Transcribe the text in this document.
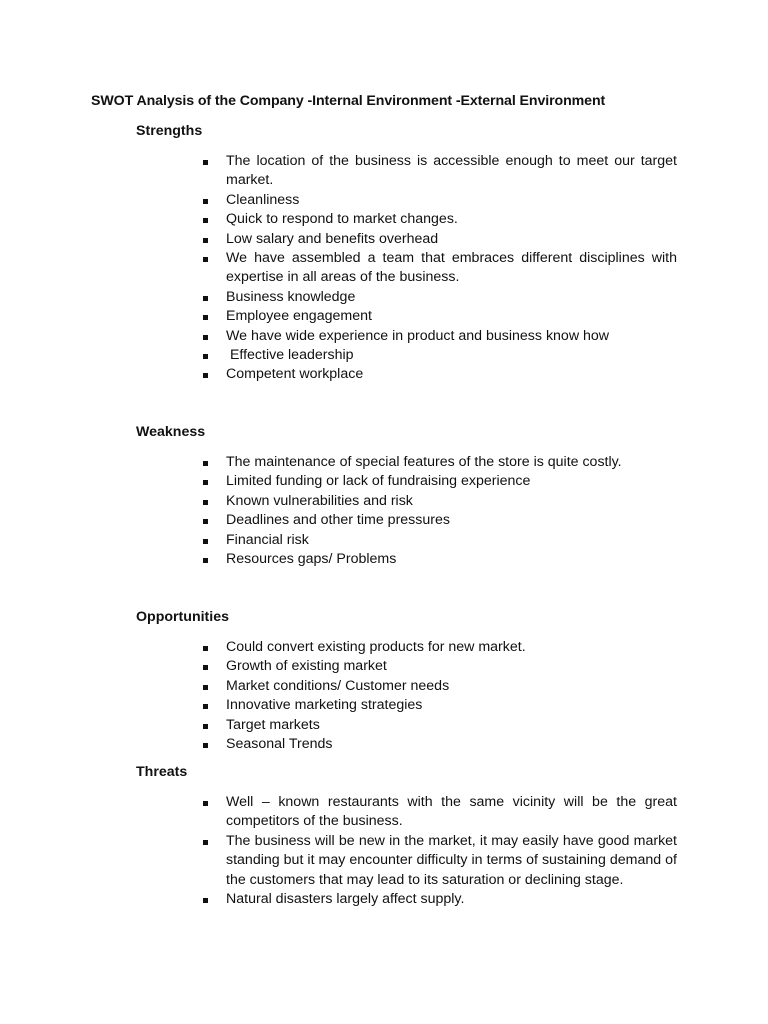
SWOT Analysis of the Company -Internal Environment -External Environment
Strengths
The location of the business is accessible enough to meet our target market.
Cleanliness
Quick to respond to market changes.
Low salary and benefits overhead
We have assembled a team that embraces different disciplines with expertise in all areas of the business.
Business knowledge
Employee engagement
We have wide experience in product and business know how
Effective leadership
Competent workplace
Weakness
The maintenance of special features of the store is quite costly.
Limited funding or lack of fundraising experience
Known vulnerabilities and risk
Deadlines and other time pressures
Financial risk
Resources gaps/ Problems
Opportunities
Could convert existing products for new market.
Growth of existing market
Market conditions/ Customer needs
Innovative marketing strategies
Target markets
Seasonal Trends
Threats
Well – known restaurants with the same vicinity will be the great competitors of the business.
The business will be new in the market, it may easily have good market standing but it may encounter difficulty in terms of sustaining demand of the customers that may lead to its saturation or declining stage.
Natural disasters largely affect supply.
